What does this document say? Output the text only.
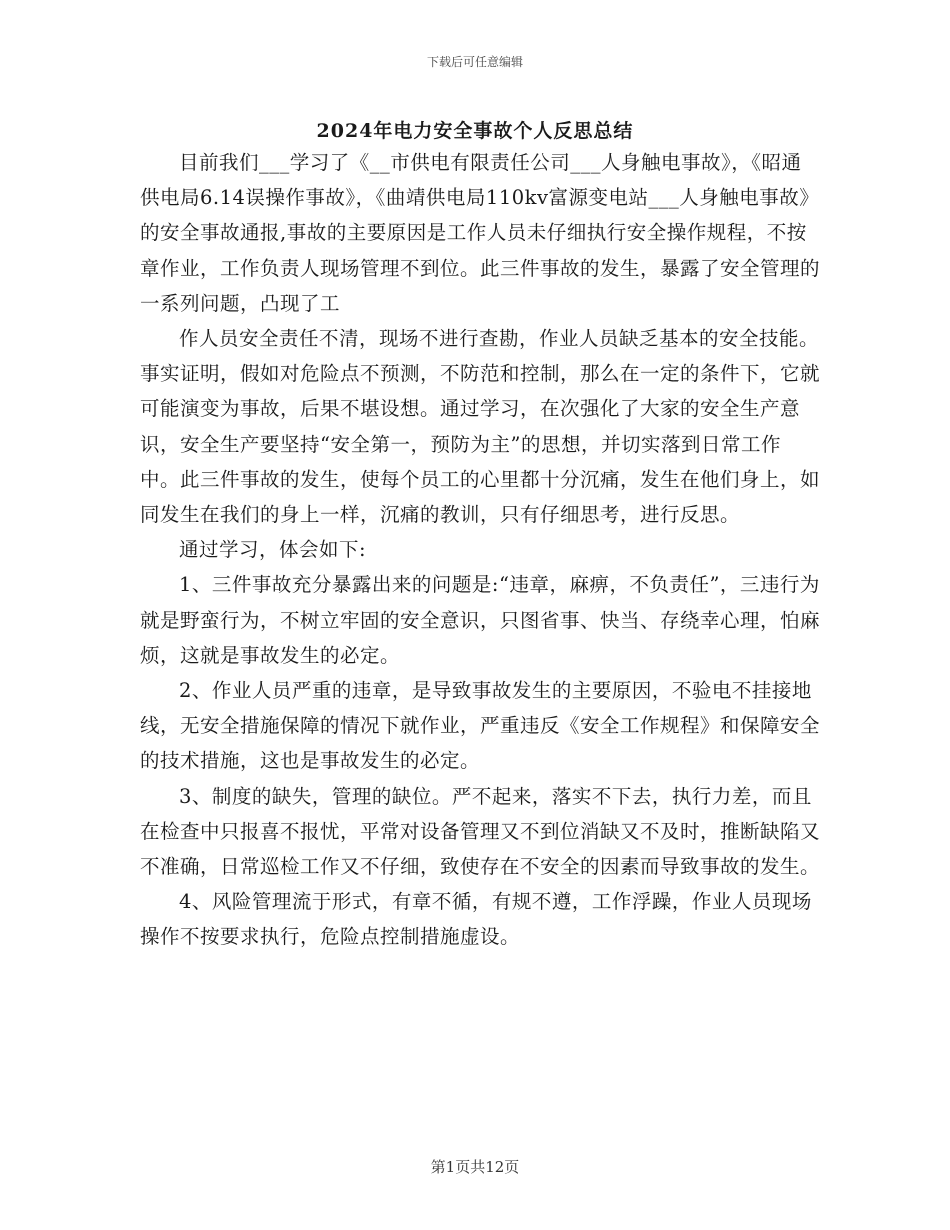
下载后可任意编辑
2024年电力安全事故个人反思总结

目前我们___学习了《__市供电有限责任公司___人身触电事故》，《昭通供电局6.14误操作事故》，《曲靖供电局110kv富源变电站___人身触电事故》的安全事故通报,事故的主要原因是工作人员未仔细执行安全操作规程，不按章作业，工作负责人现场管理不到位。此三件事故的发生，暴露了安全管理的一系列问题，凸现了工

作人员安全责任不清，现场不进行查勘，作业人员缺乏基本的安全技能。事实证明，假如对危险点不预测，不防范和控制，那么在一定的条件下，它就可能演变为事故，后果不堪设想。通过学习，在次强化了大家的安全生产意识，安全生产要坚持“安全第一，预防为主”的思想，并切实落到日常工作中。此三件事故的发生，使每个员工的心里都十分沉痛，发生在他们身上，如同发生在我们的身上一样，沉痛的教训，只有仔细思考，进行反思。

通过学习，体会如下:

1、三件事故充分暴露出来的问题是:“违章，麻痹，不负责任”，三违行为就是野蛮行为，不树立牢固的安全意识，只图省事、快当、存绕幸心理，怕麻烦，这就是事故发生的必定。

2、作业人员严重的违章，是导致事故发生的主要原因，不验电不挂接地线，无安全措施保障的情况下就作业，严重违反《安全工作规程》和保障安全的技术措施，这也是事故发生的必定。

3、制度的缺失，管理的缺位。严不起来，落实不下去，执行力差，而且在检查中只报喜不报忧，平常对设备管理又不到位消缺又不及时，推断缺陷又不准确，日常巡检工作又不仔细，致使存在不安全的因素而导致事故的发生。

4、风险管理流于形式，有章不循，有规不遵，工作浮躁，作业人员现场操作不按要求执行，危险点控制措施虚设。

第1页共12页
